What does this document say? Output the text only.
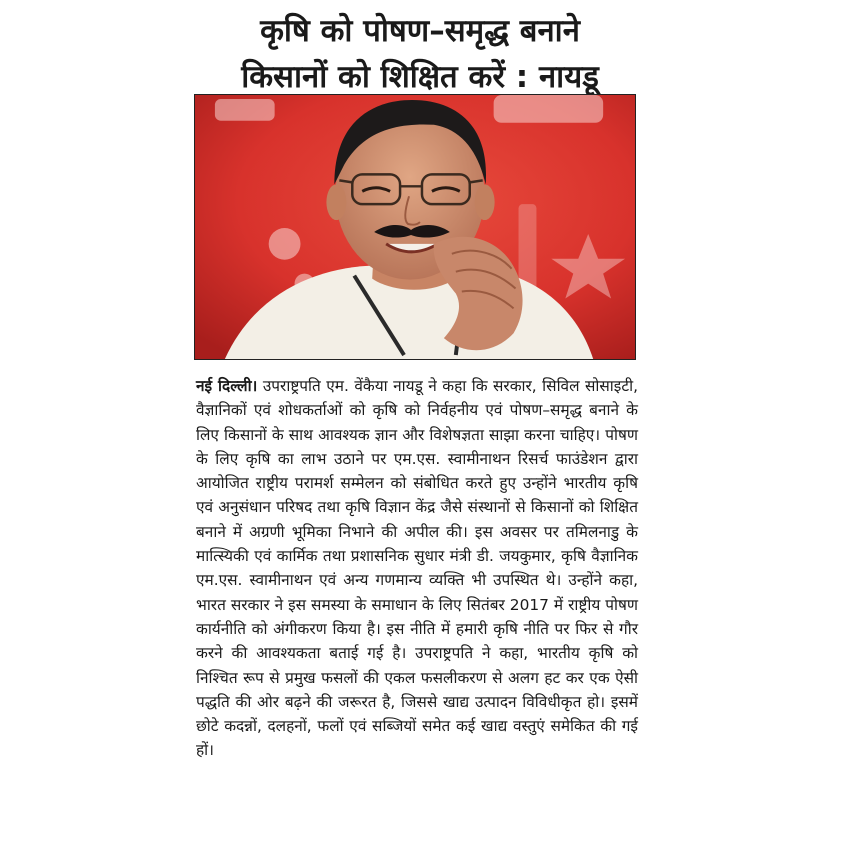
कृषि को पोषण–समृद्ध बनाने
किसानों को शिक्षित करें : नायडू

नई दिल्ली। उपराष्ट्रपति एम. वेंकैया नायडू ने कहा कि सरकार, सिविल सोसाइटी, वैज्ञानिकों एवं शोधकर्ताओं को कृषि को निर्वहनीय एवं पोषण–समृद्ध बनाने के लिए किसानों के साथ आवश्यक ज्ञान और विशेषज्ञता साझा करना चाहिए। पोषण के लिए कृषि का लाभ उठाने पर एम.एस. स्वामीनाथन रिसर्च फाउंडेशन द्वारा आयोजित राष्ट्रीय परामर्श सम्मेलन को संबोधित करते हुए उन्होंने भारतीय कृषि एवं अनुसंधान परिषद तथा कृषि विज्ञान केंद्र जैसे संस्थानों से किसानों को शिक्षित बनाने में अग्रणी भूमिका निभाने की अपील की। इस अवसर पर तमिलनाडु के मात्स्यिकी एवं कार्मिक तथा प्रशासनिक सुधार मंत्री डी. जयकुमार, कृषि वैज्ञानिक एम.एस. स्वामीनाथन एवं अन्य गणमान्य व्यक्ति भी उपस्थित थे। उन्होंने कहा, भारत सरकार ने इस समस्या के समाधान के लिए सितंबर 2017 में राष्ट्रीय पोषण कार्यनीति को अंगीकरण किया है। इस नीति में हमारी कृषि नीति पर फिर से गौर करने की आवश्यकता बताई गई है। उपराष्ट्रपति ने कहा, भारतीय कृषि को निश्चित रूप से प्रमुख फसलों की एकल फसलीकरण से अलग हट कर एक ऐसी पद्धति की ओर बढ़ने की जरूरत है, जिससे खाद्य उत्पादन विविधीकृत हो। इसमें छोटे कदन्नों, दलहनों, फलों एवं सब्जियों समेत कई खाद्य वस्तुएं समेकित की गई हों।
